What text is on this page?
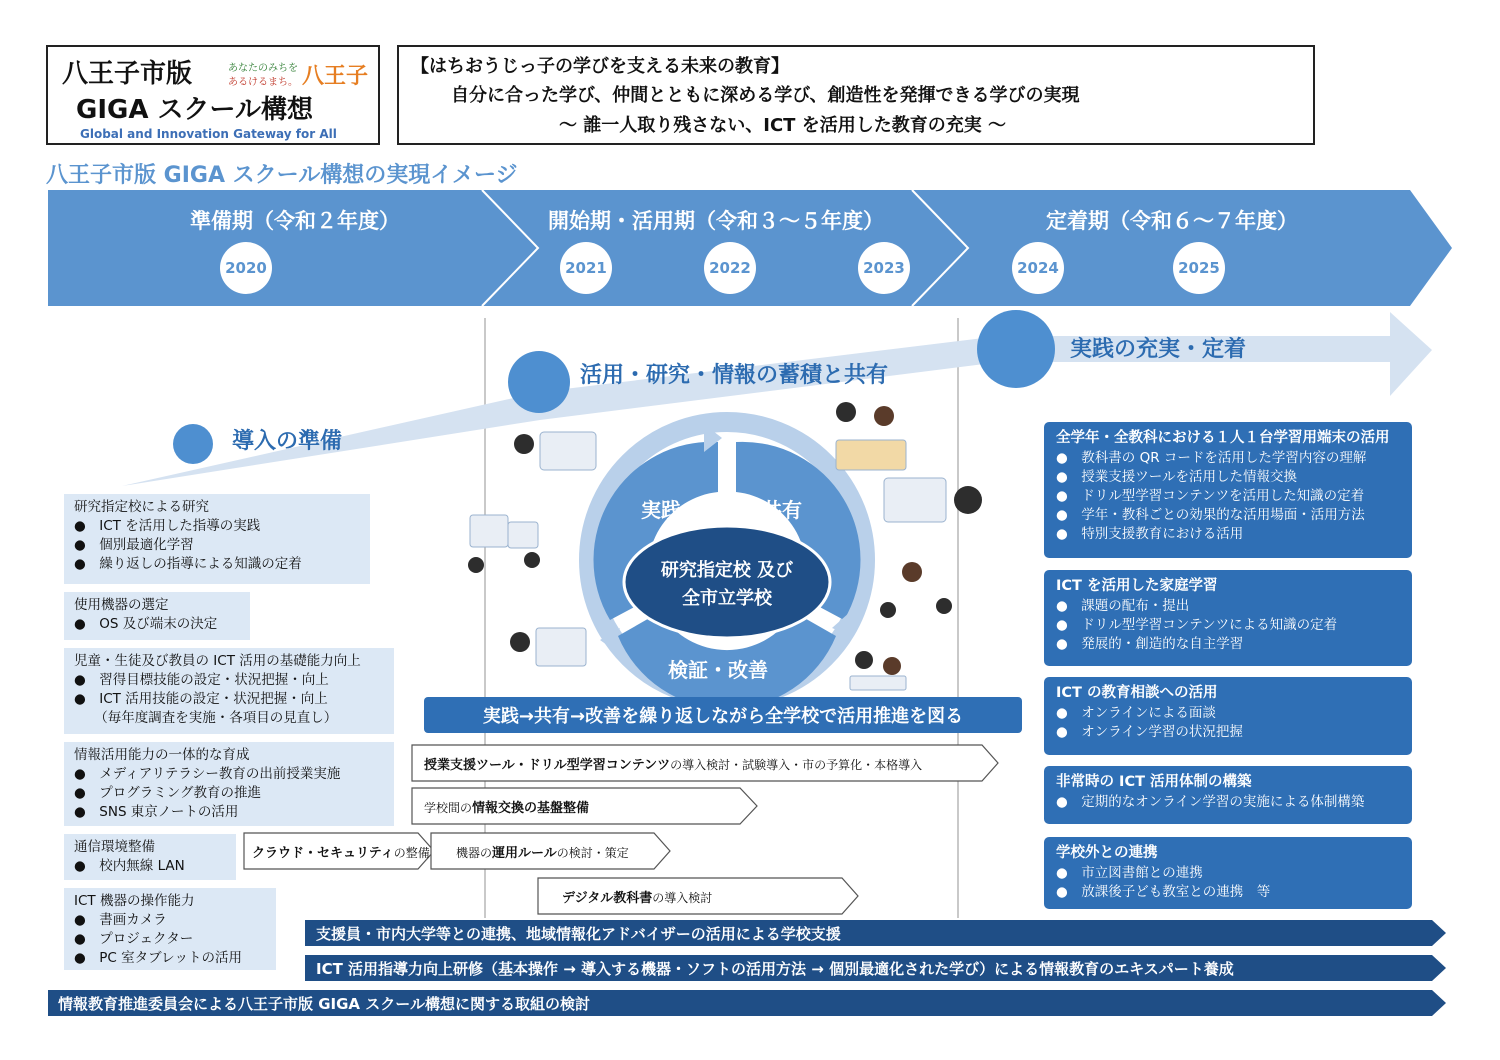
八王子市版	あなたのみちを
あるけるまち。 八王子
GIGA スクール構想
Global and Innovation Gateway for All
【はちおうじっ子の学びを支える未来の教育】
自分に合った学び、仲間とともに深める学び、創造性を発揮できる学びの実現
～ 誰一人取り残さない、ICT を活用した教育の充実 ～
八王子市版 GIGA スクール構想の実現イメージ
準備期（令和２年度）	開始期・活用期（令和３～５年度）	定着期（令和６～７年度）
2020	2021	2022	2023	2024	2025
導入の準備
活用・研究・情報の蓄積と共有
実践の充実・定着
実践	共有
検証・改善
研究指定校 及び
全市立学校
実践→共有→改善を繰り返しながら全学校で活用推進を図る
研究指定校による研究
●　ICT を活用した指導の実践
●　個別最適化学習
●　繰り返しの指導による知識の定着
使用機器の選定
●　OS 及び端末の決定
児童・生徒及び教員の ICT 活用の基礎能力向上
●　習得目標技能の設定・状況把握・向上
●　ICT 活用技能の設定・状況把握・向上
　　（毎年度調査を実施・各項目の見直し）
情報活用能力の一体的な育成
●　メディアリテラシー教育の出前授業実施
●　プログラミング教育の推進
●　SNS 東京ノートの活用
通信環境整備
●　校内無線 LAN
ICT 機器の操作能力
●　書画カメラ
●　プロジェクター
●　PC 室タブレットの活用
全学年・全教科における１人１台学習用端末の活用
●　教科書の QR コードを活用した学習内容の理解
●　授業支援ツールを活用した情報交換
●　ドリル型学習コンテンツを活用した知識の定着
●　学年・教科ごとの効果的な活用場面・活用方法
●　特別支援教育における活用
ICT を活用した家庭学習
●　課題の配布・提出
●　ドリル型学習コンテンツによる知識の定着
●　発展的・創造的な自主学習
ICT の教育相談への活用
●　オンラインによる面談
●　オンライン学習の状況把握
非常時の ICT 活用体制の構築
●　定期的なオンライン学習の実施による体制構築
学校外との連携
●　市立図書館との連携
●　放課後子ども教室との連携　等
授業支援ツール・ドリル型学習コンテンツの導入検討・試験導入・市の予算化・本格導入
学校間の情報交換の基盤整備
クラウド・セキュリティの整備 機器の運用ルールの検討・策定
デジタル教科書の導入検討
支援員・市内大学等との連携、地域情報化アドバイザーの活用による学校支援
ICT 活用指導力向上研修（基本操作 → 導入する機器・ソフトの活用方法 → 個別最適化された学び）による情報教育のエキスパート養成
情報教育推進委員会による八王子市版 GIGA スクール構想に関する取組の検討
